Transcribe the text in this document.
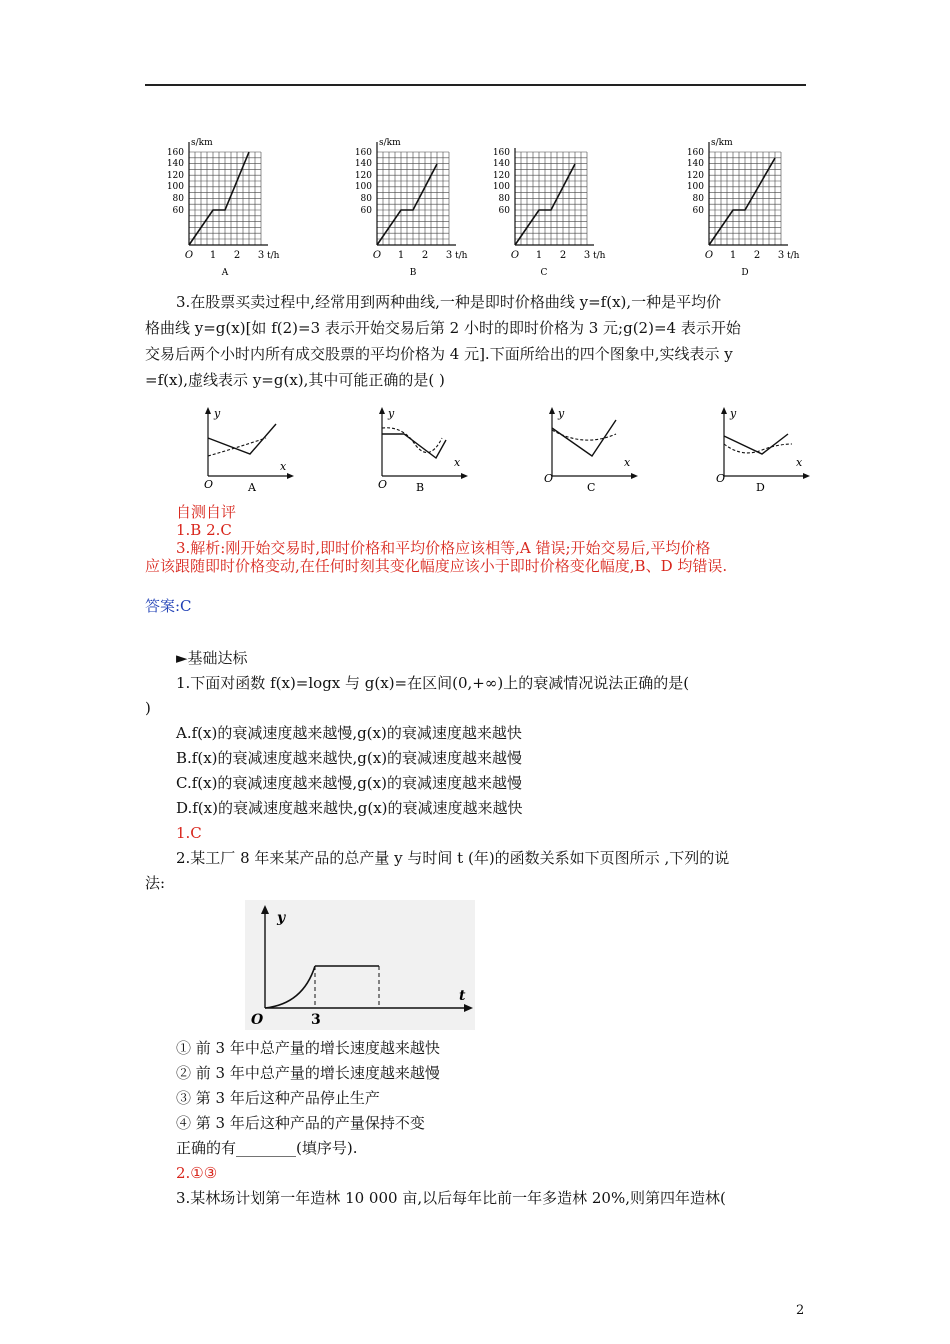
s/km
160
140
120
100
80
60
O 1 2 3 t/h
A
s/km
160
140
120
100
80
60
O 1 2 3 t/h
B
160
140
120
100
80
60
O 1 2 3 t/h
C
s/km
160
140
120
100
80
60
O 1 2 3 t/h
D
3.在股票买卖过程中,经常用到两种曲线,一种是即时价格曲线 y=f(x),一种是平均价
格曲线 y=g(x)[如 f(2)=3 表示开始交易后第 2 小时的即时价格为 3 元;g(2)=4 表示开始
交易后两个小时内所有成交股票的平均价格为 4 元].下面所给出的四个图象中,实线表示 y
=f(x),虚线表示 y=g(x),其中可能正确的是( )
y
x
O	A
y
x
O	B
y
x
O
C
y
x
O
D
自测自评
1.B 2.C
3.解析:刚开始交易时,即时价格和平均价格应该相等,A 错误;开始交易后,平均价格
应该跟随即时价格变动,在任何时刻其变化幅度应该小于即时价格变化幅度,B、D 均错误.
答案:C
►基础达标
1.下面对函数 f(x)=logx 与 g(x)=在区间(0,+∞)上的衰减情况说法正确的是(
)
A.f(x)的衰减速度越来越慢,g(x)的衰减速度越来越快
B.f(x)的衰减速度越来越快,g(x)的衰减速度越来越慢
C.f(x)的衰减速度越来越慢,g(x)的衰减速度越来越慢
D.f(x)的衰减速度越来越快,g(x)的衰减速度越来越快
1.C
2.某工厂 8 年来某产品的总产量 y 与时间 t (年)的函数关系如下页图所示 ,下列的说
法:
y
t
O	3
① 前 3 年中总产量的增长速度越来越快
② 前 3 年中总产量的增长速度越来越慢
③ 第 3 年后这种产品停止生产
④ 第 3 年后这种产品的产量保持不变
正确的有________(填序号).
2.①③
3.某林场计划第一年造林 10 000 亩,以后每年比前一年多造林 20%,则第四年造林(
2
